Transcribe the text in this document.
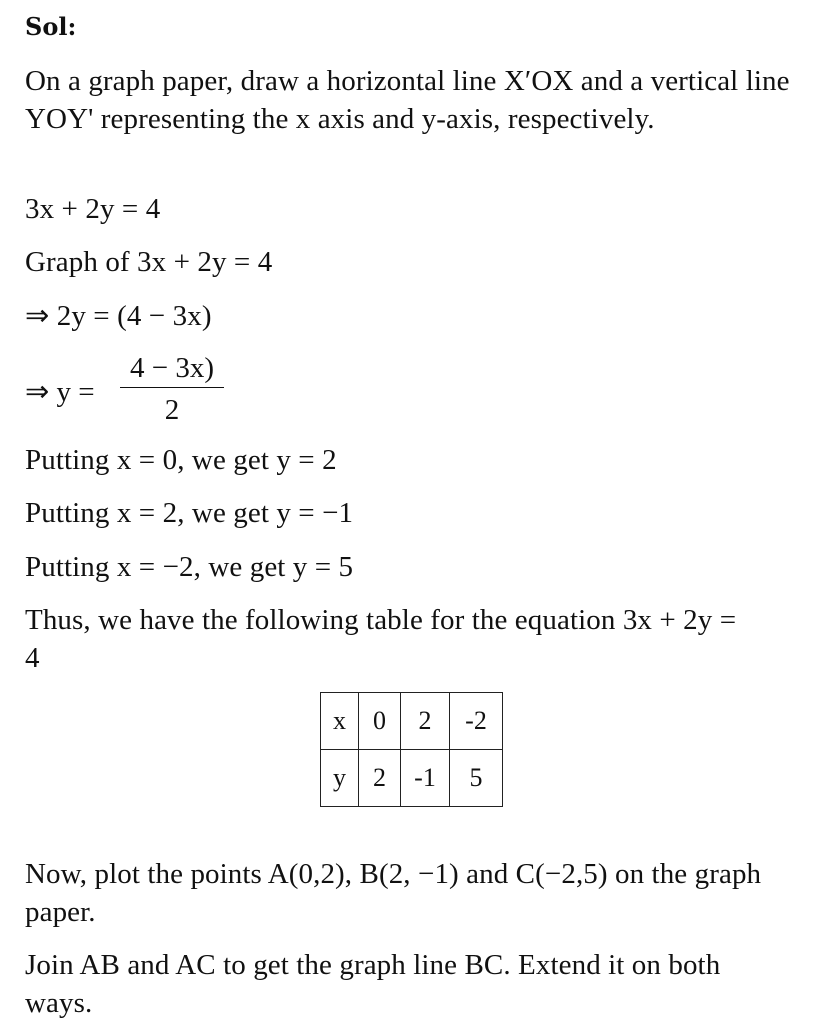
Sol:
On a graph paper, draw a horizontal line X′OX and a vertical line YOY' representing the x axis and y-axis, respectively.
3x + 2y = 4
Graph of 3x + 2y = 4
⇒ 2y = (4 − 3x)
⇒ y =
4 − 3x)
2
Putting x = 0, we get y = 2
Putting x = 2, we get y = −1
Putting x = −2, we get y = 5
Thus, we have the following table for the equation 3x + 2y = 4
x	0	2	-2
y	2	-1	5
Now, plot the points A(0,2), B(2, −1) and C(−2,5) on the graph paper.
Join AB and AC to get the graph line BC. Extend it on both ways.
